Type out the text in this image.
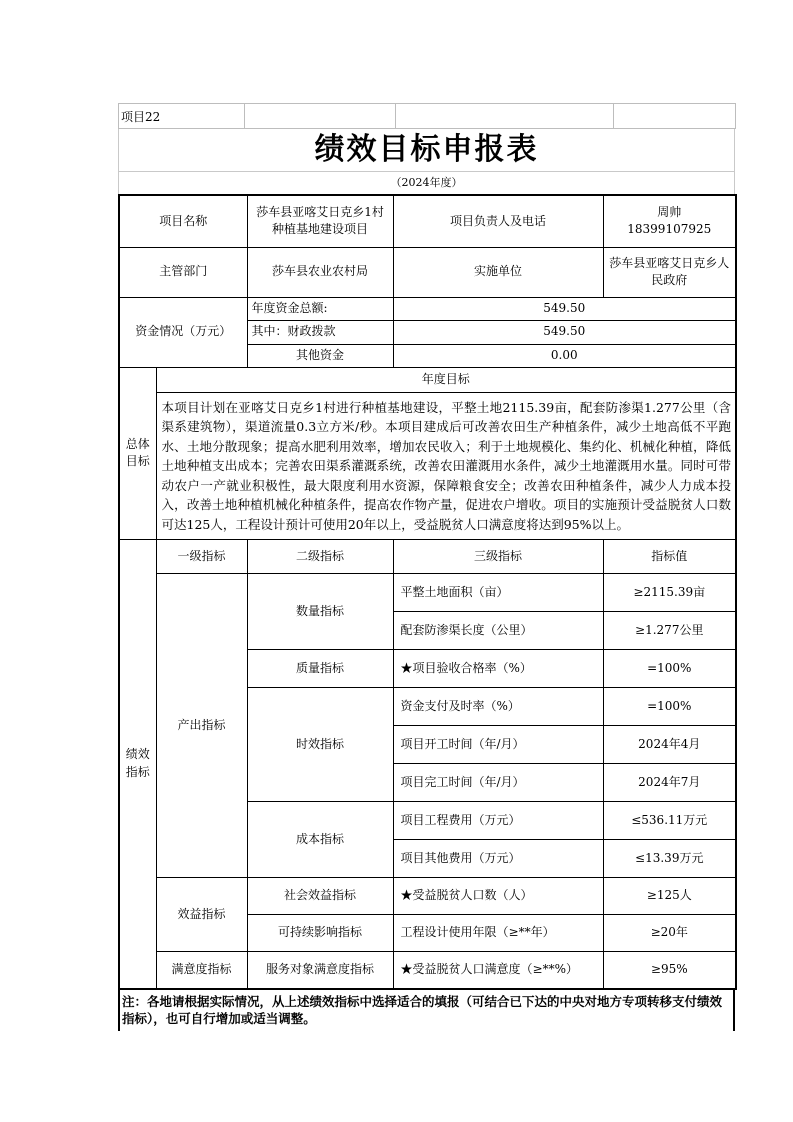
项目22			
绩效目标申报表
（2024年度）
项目名称		莎车县亚喀艾日克乡1村种植基地建设项目	项目负责人及电话	周帅
18399107925

主管部门		莎车县农业农村局	实施单位	莎车县亚喀艾日克乡人民政府
资金情况（万元）		年度资金总额:	549.50	
		其中：财政拨款	549.50	
		其他资金	0.00	
总体目标	年度目标			
	本项目计划在亚喀艾日克乡1村进行种植基地建设，平整土地2115.39亩，配套防渗渠1.277公里（含渠系建筑物），渠道流量0.3立方米/秒。本项目建成后可改善农田生产种植条件，减少土地高低不平跑水、土地分散现象；提高水肥利用效率，增加农民收入；利于土地规模化、集约化、机械化种植，降低土地种植支出成本；完善农田渠系灌溉系统，改善农田灌溉用水条件，减少土地灌溉用水量。同时可带动农户一产就业积极性，最大限度利用水资源，保障粮食安全；改善农田种植条件，减少人力成本投入，改善土地种植机械化种植条件，提高农作物产量，促进农户增收。项目的实施预计受益脱贫人口数可达125人，工程设计预计可使用20年以上，受益脱贫人口满意度将达到95%以上。			
绩效指标	一级指标	二级指标	三级指标	指标值
	产出指标	数量指标	平整土地面积（亩）	≥2115.39亩
			配套防渗渠长度（公里）	≥1.277公里
		质量指标	★项目验收合格率（%）	=100%
		时效指标	资金支付及时率（%）	=100%
			项目开工时间（年/月）	2024年4月
			项目完工时间（年/月）	2024年7月
		成本指标	项目工程费用（万元）	≤536.11万元
			项目其他费用（万元）	≤13.39万元
	效益指标	社会效益指标	★受益脱贫人口数（人）	≥125人
		可持续影响指标	工程设计使用年限（≥**年）	≥20年
	满意度指标	服务对象满意度指标	★受益脱贫人口满意度（≥**%）	≥95%
注：各地请根据实际情况，从上述绩效指标中选择适合的填报（可结合已下达的中央对地方专项转移支付绩效指标），也可自行增加或适当调整。
